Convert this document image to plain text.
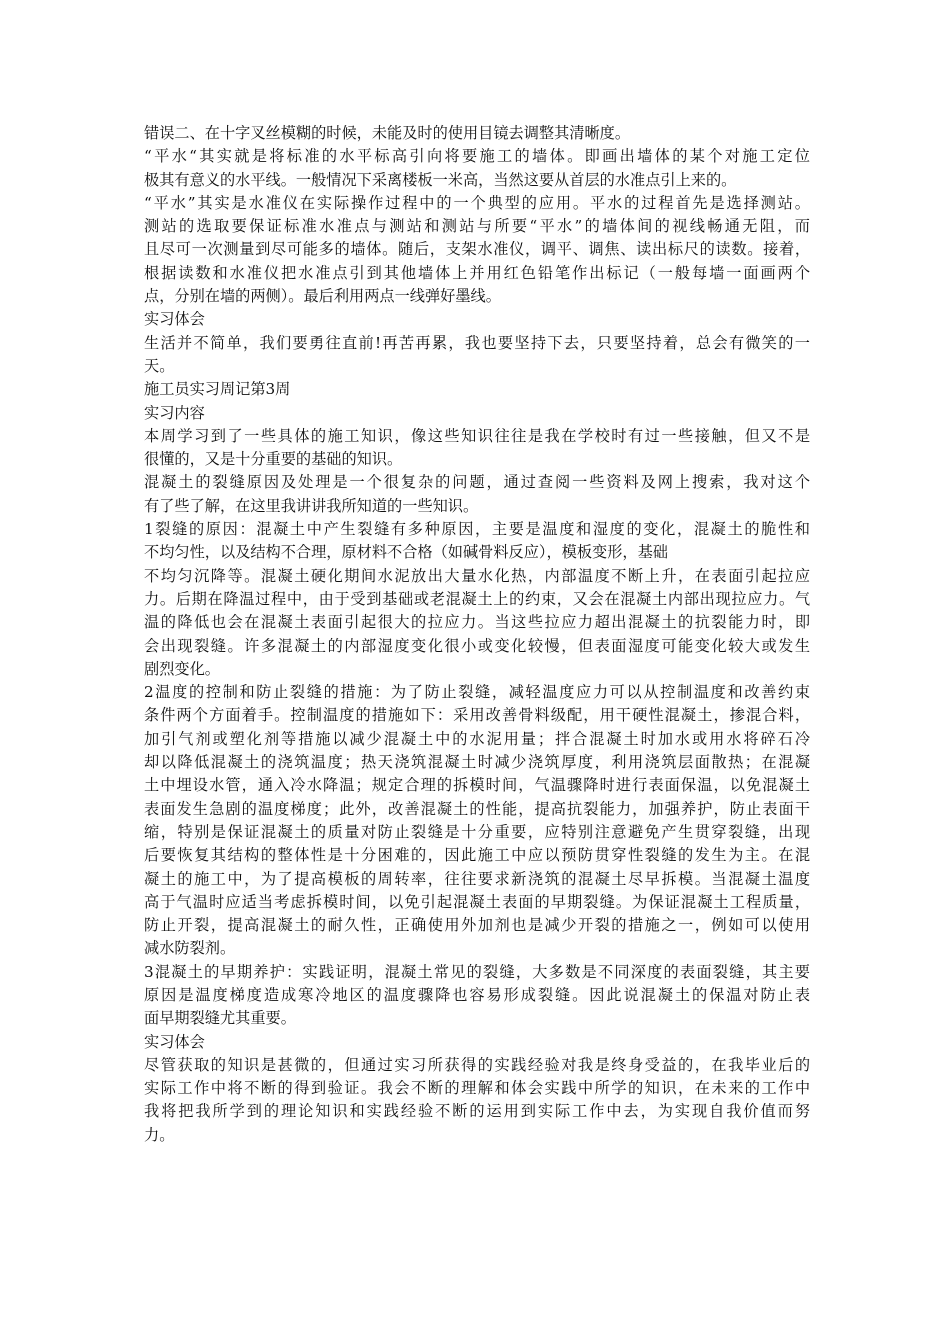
错误二、在十字叉丝模糊的时候，未能及时的使用目镜去调整其清晰度。
“平水“其实就是将标准的水平标高引向将要施工的墙体。即画出墙体的某个对施工定位
极其有意义的水平线。一般情况下采离楼板一米高，当然这要从首层的水准点引上来的。
“平水”其实是水准仪在实际操作过程中的一个典型的应用。平水的过程首先是选择测站。
测站的选取要保证标准水准点与测站和测站与所要“平水”的墙体间的视线畅通无阻，而
且尽可一次测量到尽可能多的墙体。随后，支架水准仪，调平、调焦、读出标尺的读数。接着，
根据读数和水准仪把水准点引到其他墙体上并用红色铅笔作出标记（一般每墙一面画两个
点，分别在墙的两侧）。最后利用两点一线弹好墨线。
实习体会
生活并不简单，我们要勇往直前!再苦再累，我也要坚持下去，只要坚持着，总会有微笑的一
天。
施工员实习周记第3周
实习内容
本周学习到了一些具体的施工知识，像这些知识往往是我在学校时有过一些接触，但又不是
很懂的，又是十分重要的基础的知识。
混凝土的裂缝原因及处理是一个很复杂的问题，通过查阅一些资料及网上搜索，我对这个
有了些了解，在这里我讲讲我所知道的一些知识。
1裂缝的原因：混凝土中产生裂缝有多种原因，主要是温度和湿度的变化，混凝土的脆性和
不均匀性，以及结构不合理，原材料不合格（如碱骨料反应），模板变形，基础
不均匀沉降等。混凝土硬化期间水泥放出大量水化热，内部温度不断上升，在表面引起拉应
力。后期在降温过程中，由于受到基础或老混凝土上的约束，又会在混凝土内部出现拉应力。气
温的降低也会在混凝土表面引起很大的拉应力。当这些拉应力超出混凝土的抗裂能力时，即
会出现裂缝。许多混凝土的内部湿度变化很小或变化较慢，但表面湿度可能变化较大或发生
剧烈变化。
2温度的控制和防止裂缝的措施：为了防止裂缝，减轻温度应力可以从控制温度和改善约束
条件两个方面着手。控制温度的措施如下：采用改善骨料级配，用干硬性混凝土，掺混合料，
加引气剂或塑化剂等措施以减少混凝土中的水泥用量；拌合混凝土时加水或用水将碎石冷
却以降低混凝土的浇筑温度；热天浇筑混凝土时减少浇筑厚度，利用浇筑层面散热；在混凝
土中埋设水管，通入冷水降温；规定合理的拆模时间，气温骤降时进行表面保温，以免混凝土
表面发生急剧的温度梯度；此外，改善混凝土的性能，提高抗裂能力，加强养护，防止表面干
缩，特别是保证混凝土的质量对防止裂缝是十分重要，应特别注意避免产生贯穿裂缝，出现
后要恢复其结构的整体性是十分困难的，因此施工中应以预防贯穿性裂缝的发生为主。在混
凝土的施工中，为了提高模板的周转率，往往要求新浇筑的混凝土尽早拆模。当混凝土温度
高于气温时应适当考虑拆模时间，以免引起混凝土表面的早期裂缝。为保证混凝土工程质量，
防止开裂，提高混凝土的耐久性，正确使用外加剂也是减少开裂的措施之一，例如可以使用
减水防裂剂。
3混凝土的早期养护：实践证明，混凝土常见的裂缝，大多数是不同深度的表面裂缝，其主要
原因是温度梯度造成寒冷地区的温度骤降也容易形成裂缝。因此说混凝土的保温对防止表
面早期裂缝尤其重要。
实习体会
尽管获取的知识是甚微的，但通过实习所获得的实践经验对我是终身受益的，在我毕业后的
实际工作中将不断的得到验证。我会不断的理解和体会实践中所学的知识，在未来的工作中
我将把我所学到的理论知识和实践经验不断的运用到实际工作中去，为实现自我价值而努
力。
